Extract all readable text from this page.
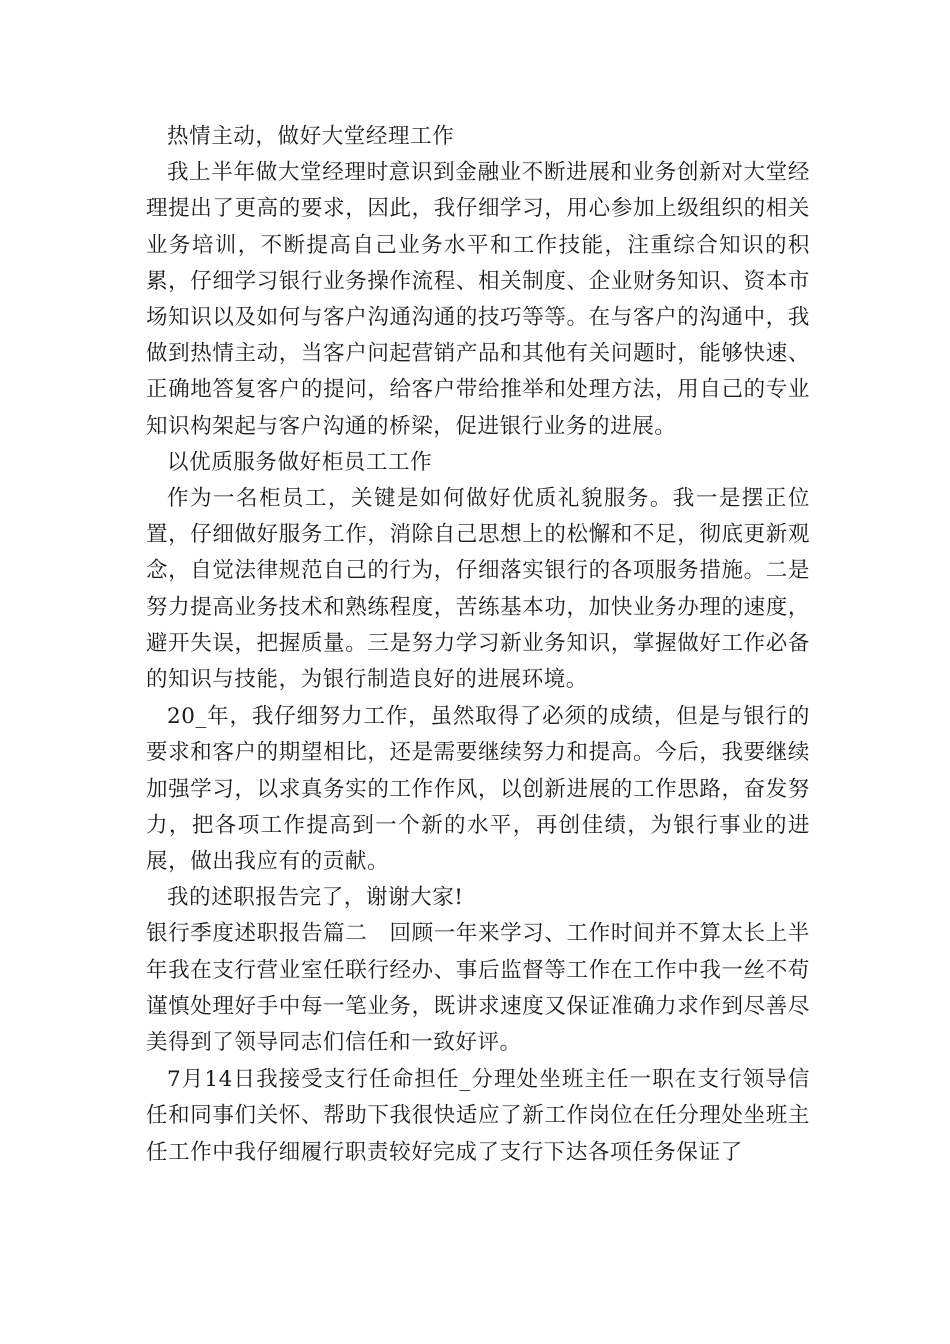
热情主动，做好大堂经理工作

我上半年做大堂经理时意识到金融业不断进展和业务创新对大堂经理提出了更高的要求，因此，我仔细学习，用心参加上级组织的相关业务培训，不断提高自己业务水平和工作技能，注重综合知识的积累，仔细学习银行业务操作流程、相关制度、企业财务知识、资本市场知识以及如何与客户沟通沟通的技巧等等。在与客户的沟通中，我做到热情主动，当客户问起营销产品和其他有关问题时，能够快速、正确地答复客户的提问，给客户带给推举和处理方法，用自己的专业知识构架起与客户沟通的桥梁，促进银行业务的进展。

以优质服务做好柜员工工作

作为一名柜员工，关键是如何做好优质礼貌服务。我一是摆正位置，仔细做好服务工作，消除自己思想上的松懈和不足，彻底更新观念，自觉法律规范自己的行为，仔细落实银行的各项服务措施。二是努力提高业务技术和熟练程度，苦练基本功，加快业务办理的速度，避开失误，把握质量。三是努力学习新业务知识，掌握做好工作必备的知识与技能，为银行制造良好的进展环境。

20_年，我仔细努力工作，虽然取得了必须的成绩，但是与银行的要求和客户的期望相比，还是需要继续努力和提高。今后，我要继续加强学习，以求真务实的工作作风，以创新进展的工作思路，奋发努力，把各项工作提高到一个新的水平，再创佳绩，为银行事业的进展，做出我应有的贡献。

我的述职报告完了，谢谢大家!

银行季度述职报告篇二　回顾一年来学习、工作时间并不算太长上半年我在支行营业室任联行经办、事后监督等工作在工作中我一丝不苟谨慎处理好手中每一笔业务，既讲求速度又保证准确力求作到尽善尽美得到了领导同志们信任和一致好评。

7月14日我接受支行任命担任_分理处坐班主任一职在支行领导信任和同事们关怀、帮助下我很快适应了新工作岗位在任分理处坐班主任工作中我仔细履行职责较好完成了支行下达各项任务保证了
